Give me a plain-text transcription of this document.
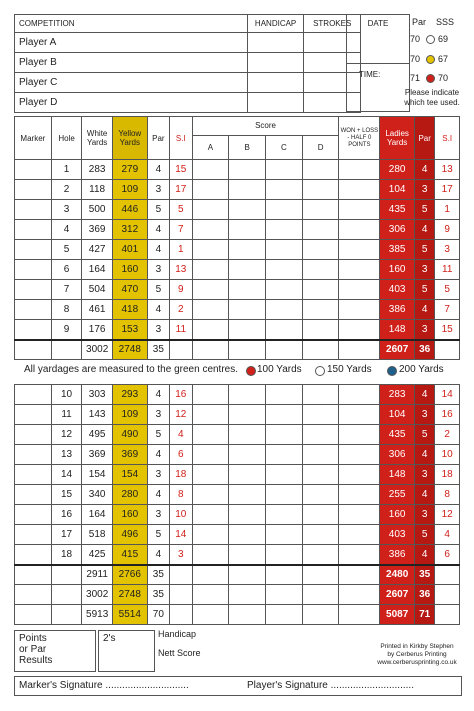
COMPETITION	HANDICAP	STROKES
Player A		
Player B		
Player C		
Player D		
DATE
TIME:
Par SSS
70 69
70 67
71 70
Please indicate
which tee used.
Marker	Hole	White Yards	Yellow Yards	Par	S.I	Score
A B C D				WON + LOSS - HALF 0 POINTS	Ladies Yards	Par	S.I
	1	283	279	4	15						280	4	13
	2	118	109	3	17						104	3	17
	3	500	446	5	5						435	5	1
	4	369	312	4	7						306	4	9
	5	427	401	4	1						385	5	3
	6	164	160	3	13						160	3	11
	7	504	470	5	9						403	5	5
	8	461	418	4	2						386	4	7
	9	176	153	3	11						148	3	15
		3002	2748	35							2607	36	
All yardages are measured to the green centres. 100 Yards	150 Yards	200 Yards
	10	303	293	4	16						283	4	14
	11	143	109	3	12						104	3	16
	12	495	490	5	4						435	5	2
	13	369	369	4	6						306	4	10
	14	154	154	3	18						148	3	18
	15	340	280	4	8						255	4	8
	16	164	160	3	10						160	3	12
	17	518	496	5	14						403	5	4
	18	425	415	4	3						386	4	6
		2911	2766	35							2480	35	
		3002	2748	35							2607	36	
		5913	5514	70							5087	71	
Points
or Par
Results
2's	Handicap
Nett Score
Printed in Kirkby Stephen
by Cerberus Printing
www.cerberusprinting.co.uk
Marker's Signature ..............................	Player's Signature ..............................
